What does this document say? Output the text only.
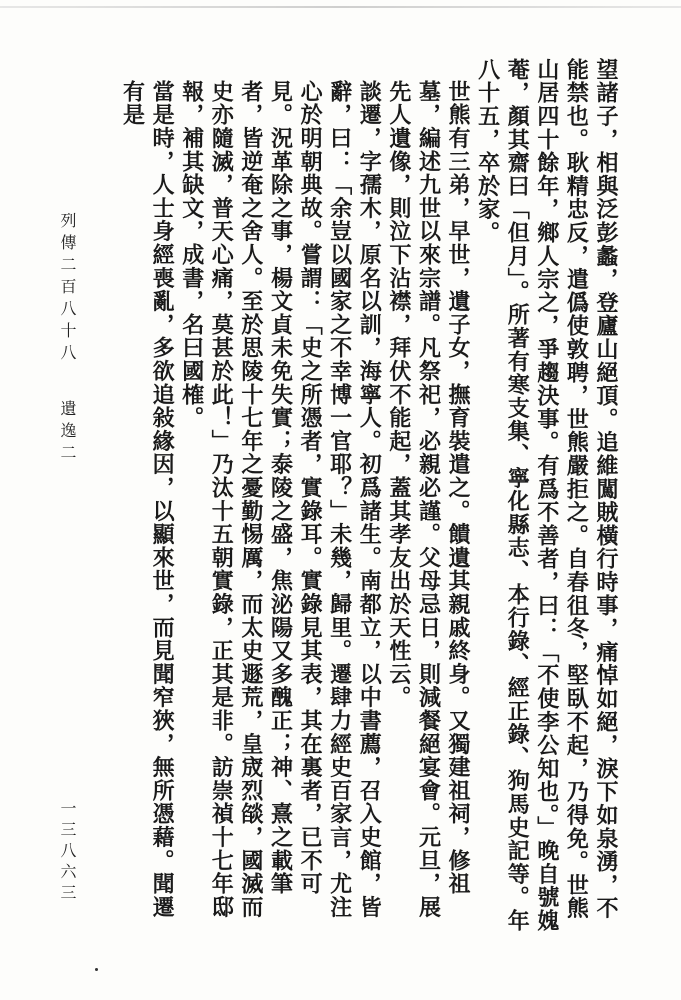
望諸子，相與泛彭蠡，登廬山絕頂。追維闖賊橫行時事，痛悼如絕，淚下如泉湧，不能禁也。耿精忠反，遣僞使敦聘，世熊嚴拒之。自春徂冬，堅臥不起，乃得免。世熊山居四十餘年，鄉人宗之，爭趨決事。有爲不善者，曰：「不使李公知也。」晚自號媿菴，顏其齋曰「但月」。所著有寒支集、寧化縣志、本行錄、經正錄、狗馬史記等。年八十五，卒於家。

世熊有三弟，早世，遺子女，撫育裝遣之。饋遺其親戚終身。又獨建祖祠，修祖墓，編述九世以來宗譜。凡祭祀，必親必謹。父母忌日，則減餐絕宴會。元旦，展先人遺像，則泣下沾襟，拜伏不能起，蓋其孝友出於天性云。

談遷，字孺木，原名以訓，海寧人。初爲諸生。南都立，以中書薦，召入史館，皆辭，曰：「余豈以國家之不幸博一官耶？」未幾，歸里。遷肆力經史百家言，尤注心於明朝典故。嘗謂：「史之所憑者，實錄耳。實錄見其表，其在裏者，已不可見。況革除之事，楊文貞未免失實；泰陵之盛，焦泌陽又多醜正；神、熹之載筆者，皆逆奄之舍人。至於思陵十七年之憂勤惕厲，而太史遯荒，皇宬烈燄，國滅而史亦隨滅，普天心痛，莫甚於此！」乃汰十五朝實錄，正其是非。訪崇禎十七年邸報，補其缺文，成書，名曰國榷。

當是時，人士身經喪亂，多欲追敍緣因，以顯來世，而見聞窄狹，無所憑藉。聞遷有是

列傳二百八十八
遺逸二
一三八六三
